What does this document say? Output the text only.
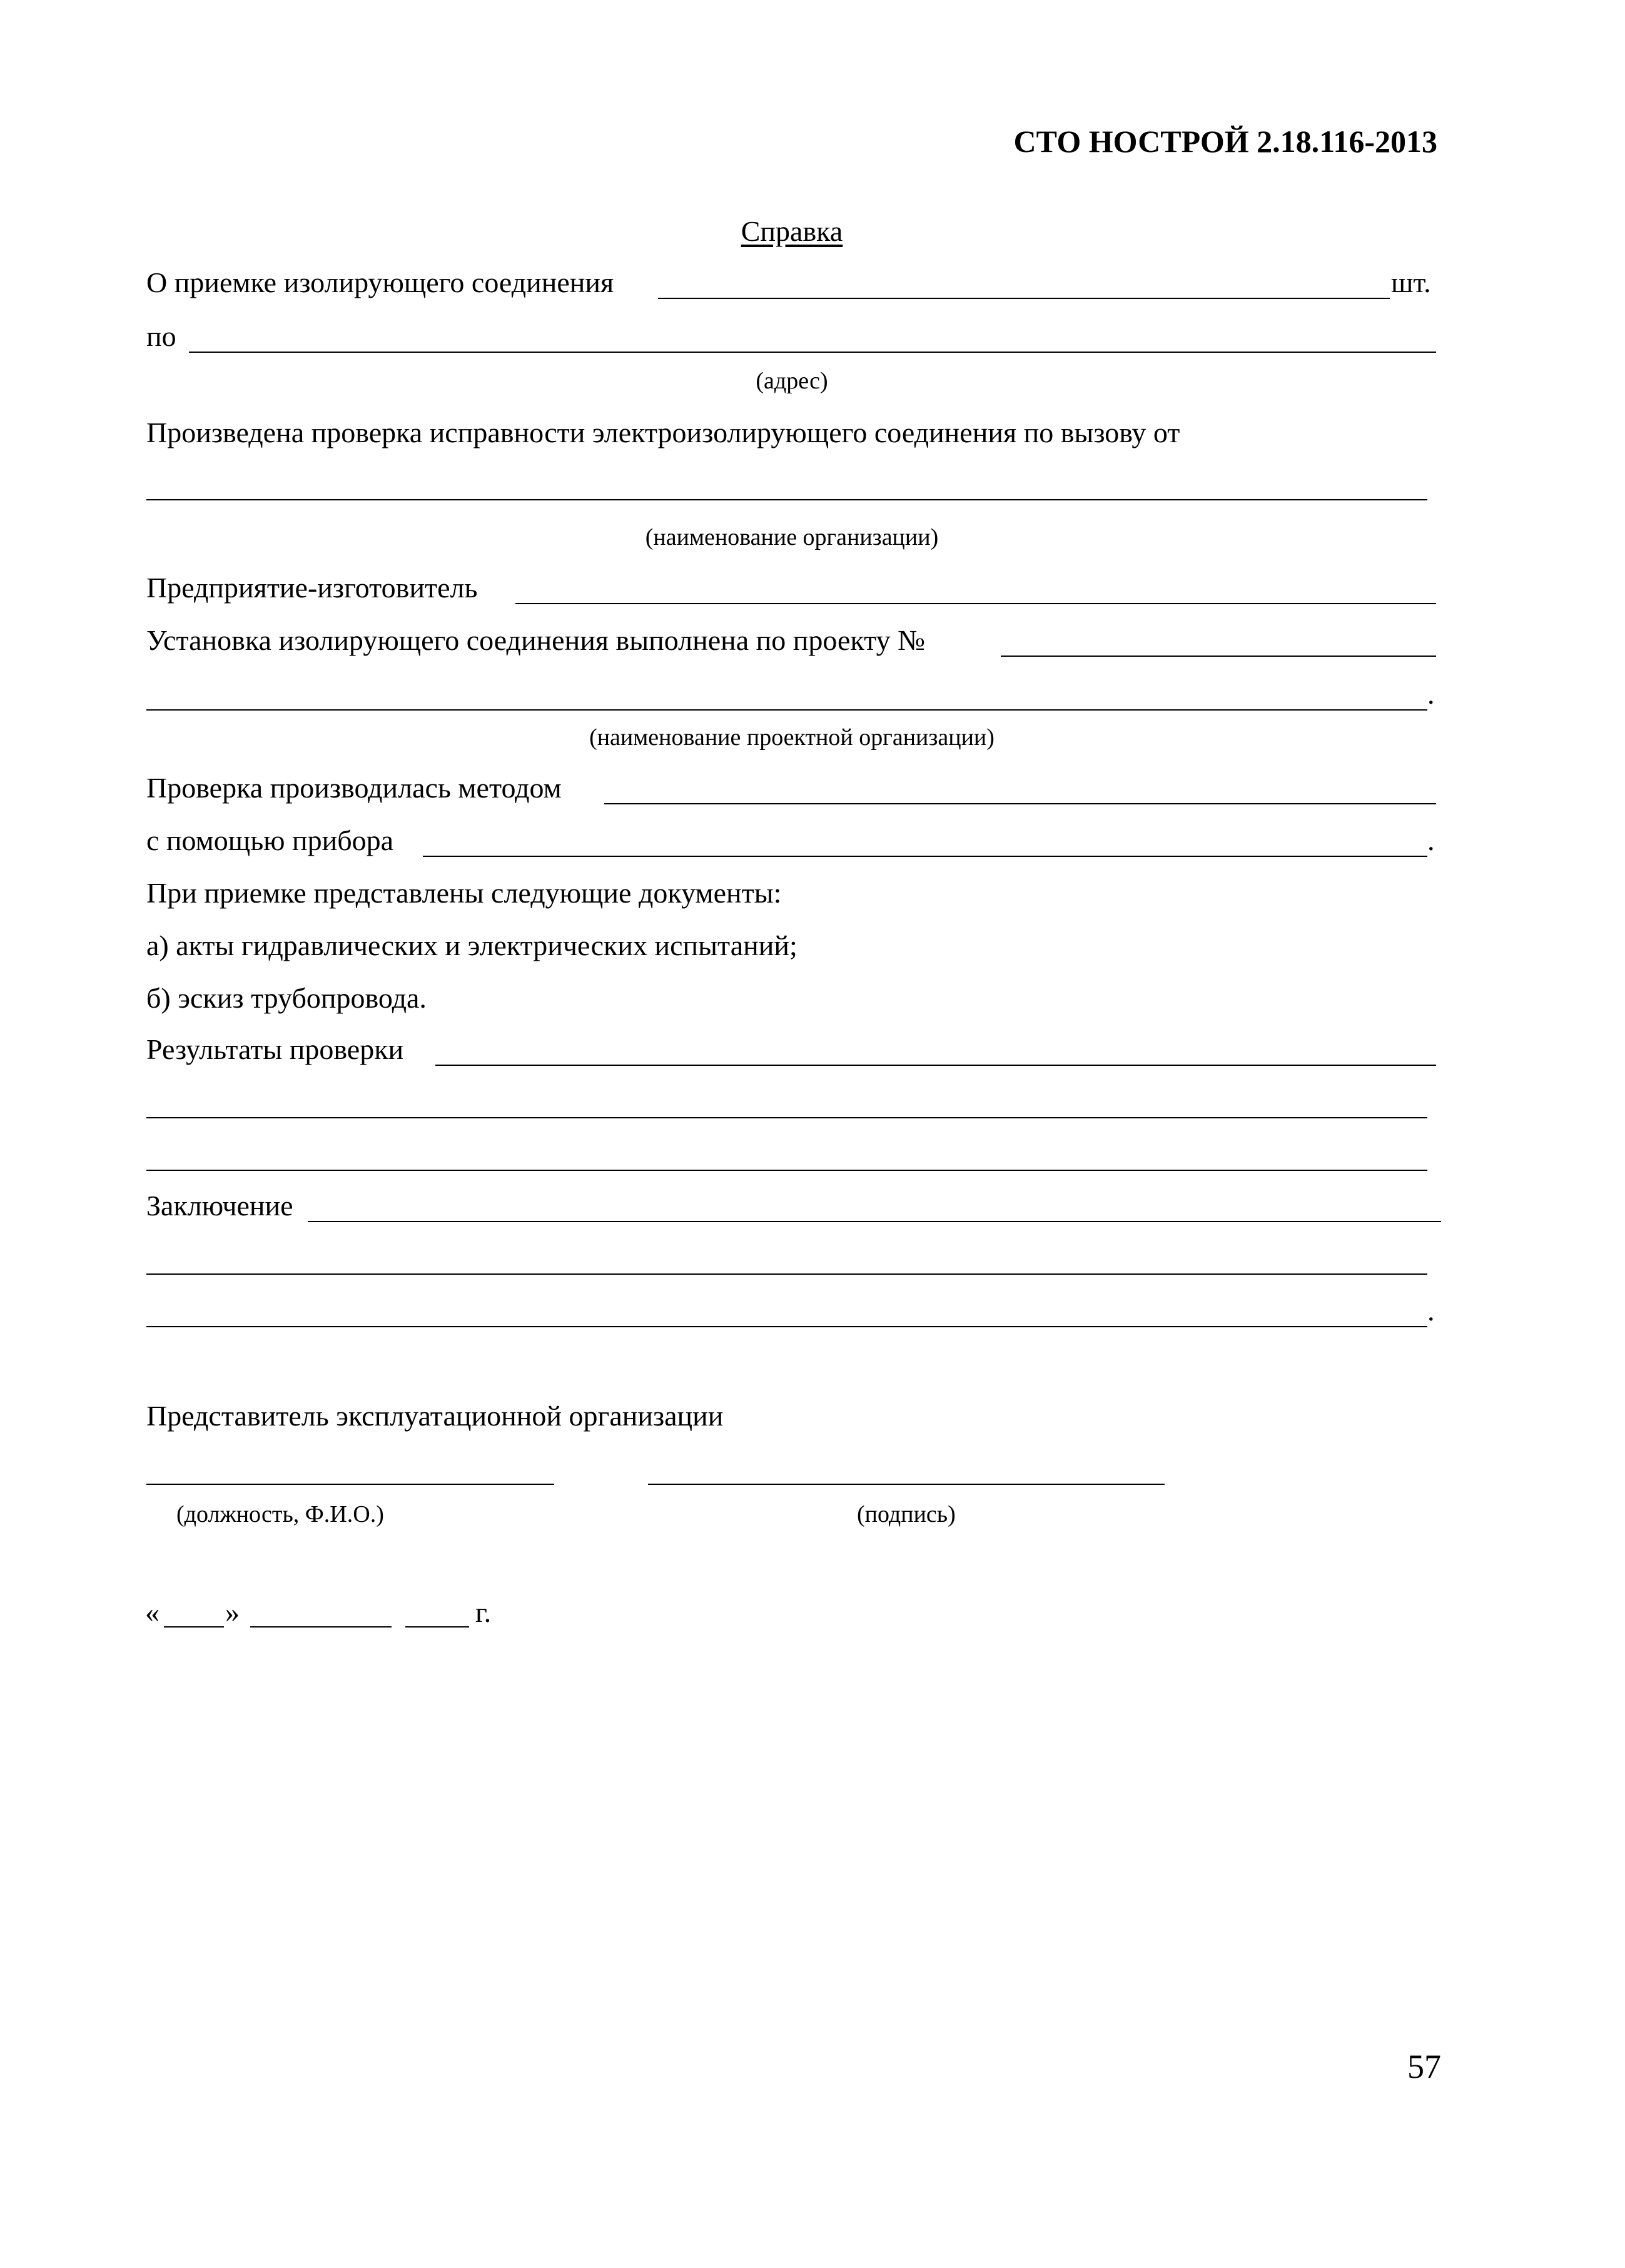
СТО НОСТРОЙ 2.18.116-2013
Справка
О приемке изолирующего соединения	шт.
по
(адрес)
Произведена проверка исправности электроизолирующего соединения по вызову от
(наименование организации)
Предприятие-изготовитель
Установка изолирующего соединения выполнена по проекту №
.
(наименование проектной организации)
Проверка производилась методом
с помощью прибора	.
При приемке представлены следующие документы:
а) акты гидравлических и электрических испытаний;
б) эскиз трубопровода.
Результаты проверки
Заключение
.
Представитель эксплуатационной организации
(должность, Ф.И.О.)	(подпись)
« »	г.
57
